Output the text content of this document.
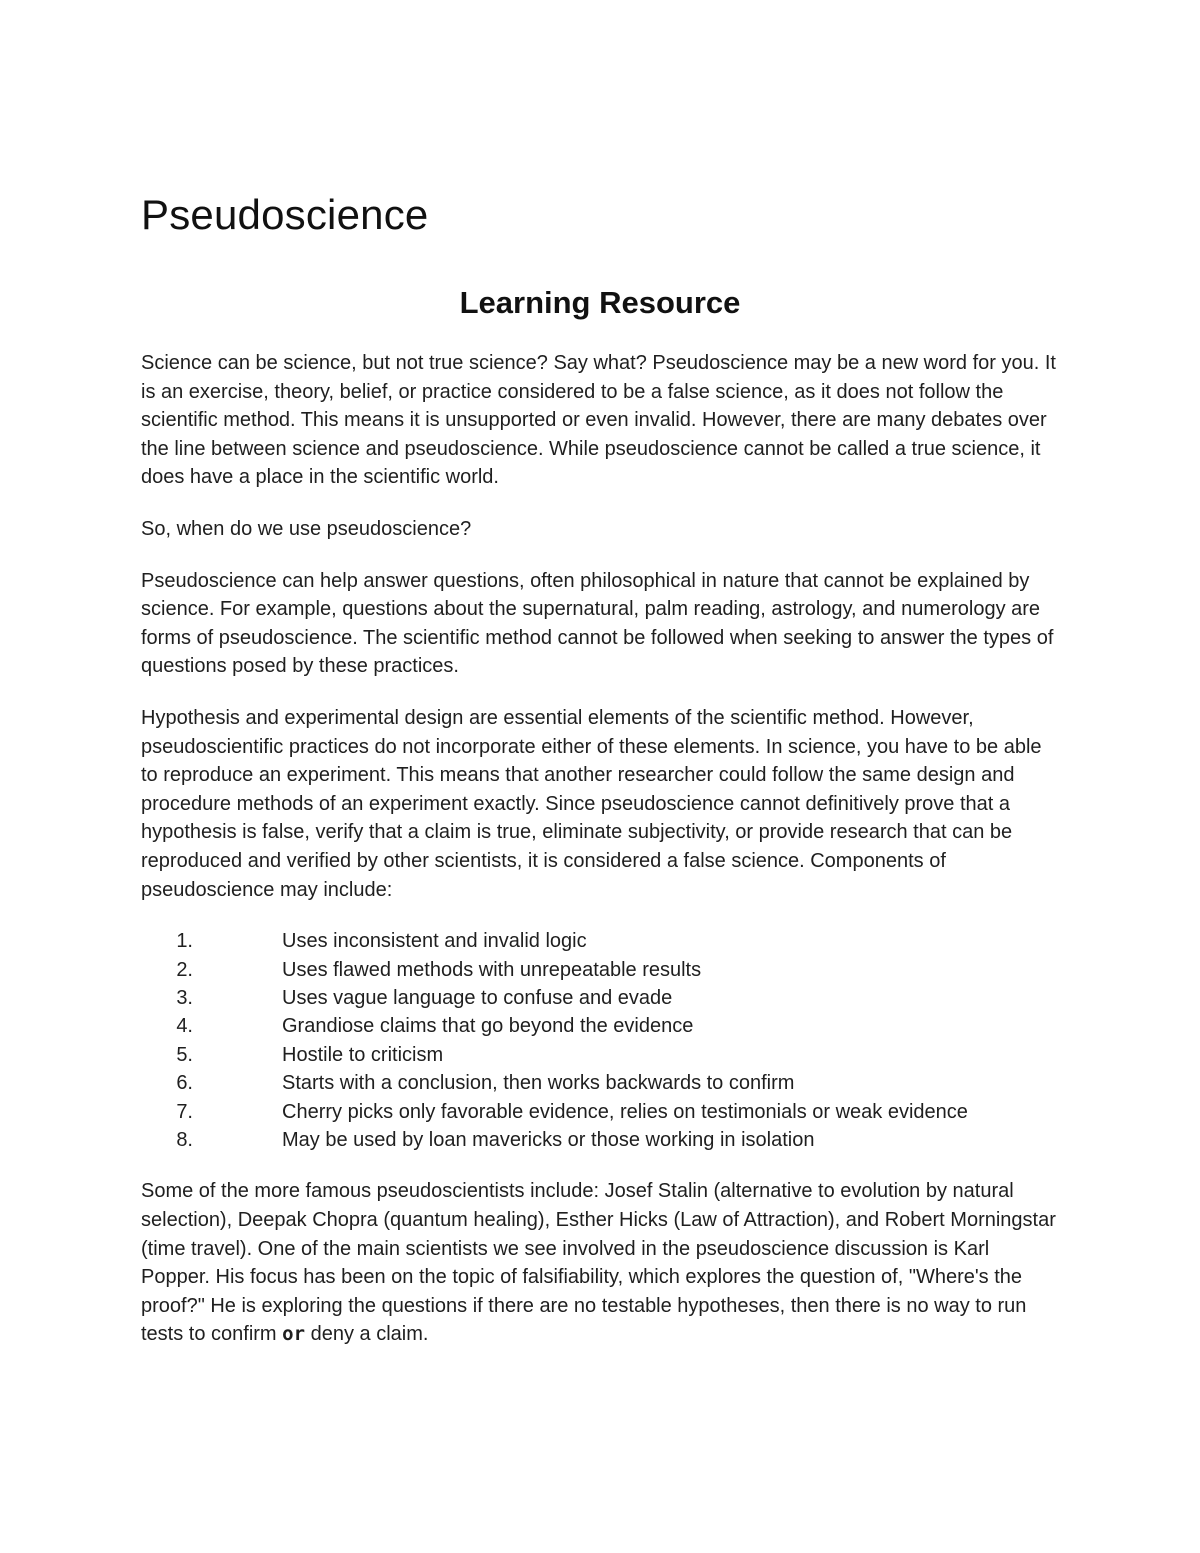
Pseudoscience
Learning Resource

Science can be science, but not true science? Say what? Pseudoscience may be a new word for you. It is an exercise, theory, belief, or practice considered to be a false science, as it does not follow the scientific method. This means it is unsupported or even invalid. However, there are many debates over the line between science and pseudoscience. While pseudoscience cannot be called a true science, it does have a place in the scientific world.

So, when do we use pseudoscience?

Pseudoscience can help answer questions, often philosophical in nature that cannot be explained by science. For example, questions about the supernatural, palm reading, astrology, and numerology are forms of pseudoscience. The scientific method cannot be followed when seeking to answer the types of questions posed by these practices.

Hypothesis and experimental design are essential elements of the scientific method. However, pseudoscientific practices do not incorporate either of these elements. In science, you have to be able to reproduce an experiment. This means that another researcher could follow the same design and procedure methods of an experiment exactly. Since pseudoscience cannot definitively prove that a hypothesis is false, verify that a claim is true, eliminate subjectivity, or provide research that can be reproduced and verified by other scientists, it is considered a false science. Components of pseudoscience may include:

1.	Uses inconsistent and invalid logic
2.	Uses flawed methods with unrepeatable results
3.	Uses vague language to confuse and evade
4.	Grandiose claims that go beyond the evidence
5.	Hostile to criticism
6.	Starts with a conclusion, then works backwards to confirm
7.	Cherry picks only favorable evidence, relies on testimonials or weak evidence
8.	May be used by loan mavericks or those working in isolation

Some of the more famous pseudoscientists include: Josef Stalin (alternative to evolution by natural selection), Deepak Chopra (quantum healing), Esther Hicks (Law of Attraction), and Robert Morningstar (time travel). One of the main scientists we see involved in the pseudoscience discussion is Karl Popper. His focus has been on the topic of falsifiability, which explores the question of, "Where's the proof?" He is exploring the questions if there are no testable hypotheses, then there is no way to run tests to confirm or deny a claim.
